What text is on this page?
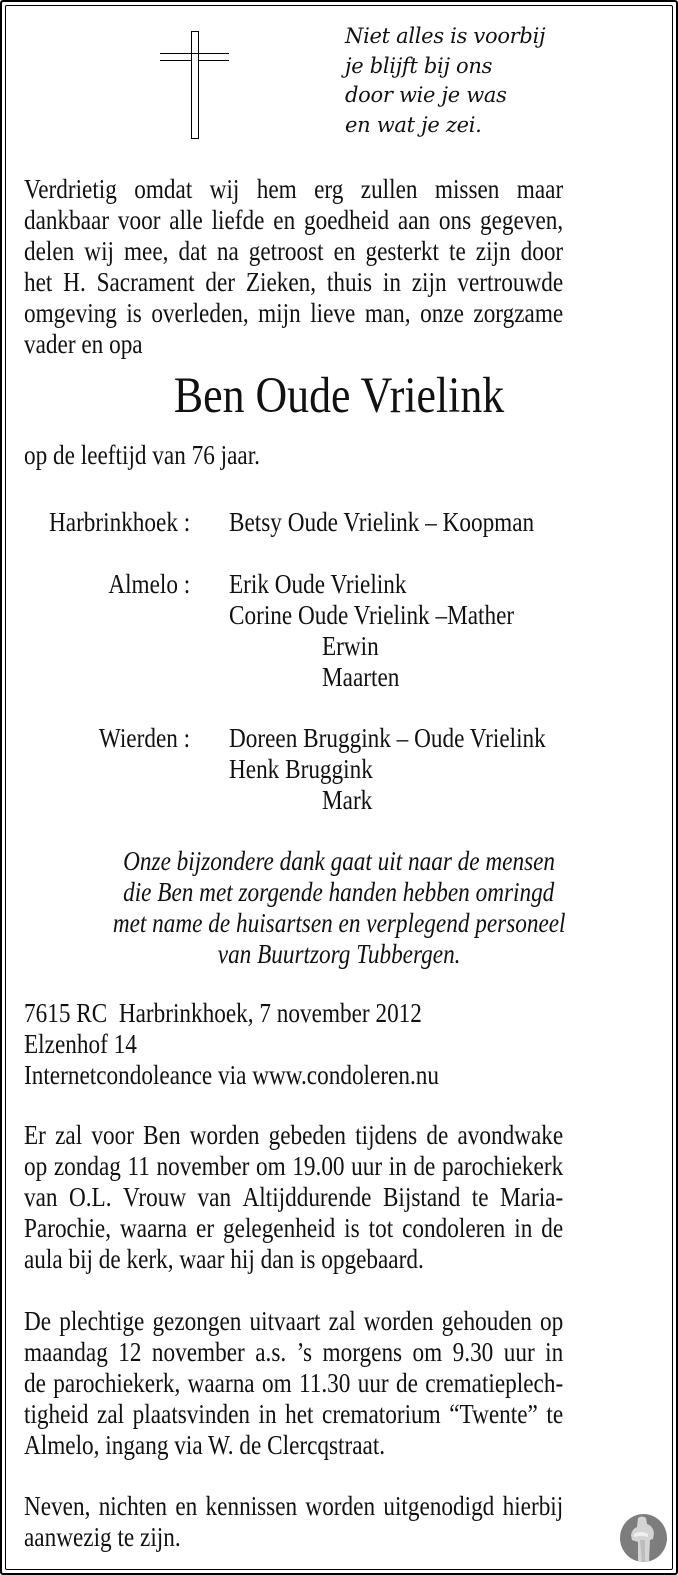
Niet alles is voorbij
je blijft bij ons
door wie je was
en wat je zei.
Verdrietig omdat wij hem erg zullen missen maar
dankbaar voor alle liefde en goedheid aan ons gegeven,
delen wij mee, dat na getroost en gesterkt te zijn door
het H. Sacrament der Zieken, thuis in zijn vertrouwde
omgeving is overleden, mijn lieve man, onze zorgzame
vader en opa
Ben Oude Vrielink
op de leeftijd van 76 jaar.
Harbrinkhoek : Betsy Oude Vrielink – Koopman
Almelo : Erik Oude Vrielink
Corine Oude Vrielink –Mather
Erwin
Maarten
Wierden : Doreen Bruggink – Oude Vrielink
Henk Bruggink
Mark
Onze bijzondere dank gaat uit naar de mensen
die Ben met zorgende handen hebben omringd
met name de huisartsen en verplegend personeel
van Buurtzorg Tubbergen.
7615 RC  Harbrinkhoek, 7 november 2012
Elzenhof 14
Internetcondoleance via www.condoleren.nu
Er zal voor Ben worden gebeden tijdens de avondwake
op zondag 11 november om 19.00 uur in de parochiekerk
van O.L. Vrouw van Altijddurende Bijstand te Maria-
Parochie, waarna er gelegenheid is tot condoleren in de
aula bij de kerk, waar hij dan is opgebaard.
De plechtige gezongen uitvaart zal worden gehouden op
maandag 12 november a.s. ’s morgens om 9.30 uur in
de parochiekerk, waarna om 11.30 uur de crematieplech-
tigheid zal plaatsvinden in het crematorium “Twente” te
Almelo, ingang via W. de Clercqstraat.
Neven, nichten en kennissen worden uitgenodigd hierbij
aanwezig te zijn.
